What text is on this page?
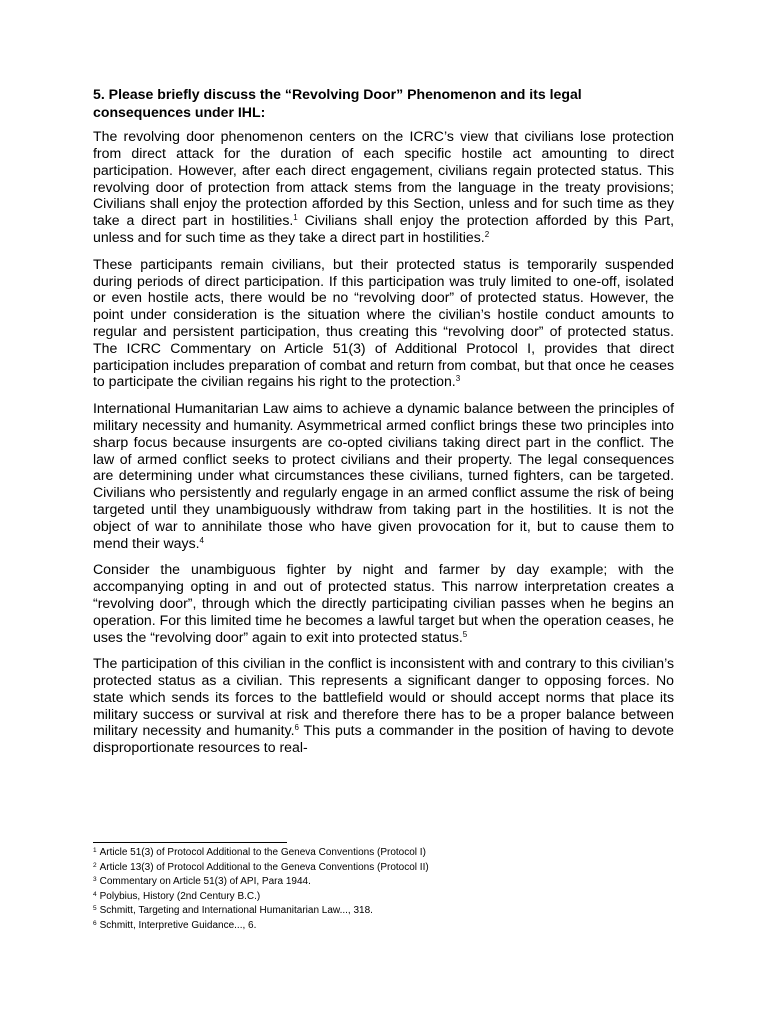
5. Please briefly discuss the “Revolving Door” Phenomenon and its legal consequences under IHL:

The revolving door phenomenon centers on the ICRC’s view that civilians lose protection from direct attack for the duration of each specific hostile act amounting to direct participation. However, after each direct engagement, civilians regain protected status. This revolving door of protection from attack stems from the language in the treaty provisions; Civilians shall enjoy the protection afforded by this Section, unless and for such time as they take a direct part in hostilities.$^1$ Civilians shall enjoy the protection afforded by this Part, unless and for such time as they take a direct part in hostilities.$^2$

These participants remain civilians, but their protected status is temporarily suspended during periods of direct participation. If this participation was truly limited to one-off, isolated or even hostile acts, there would be no “revolving door” of protected status. However, the point under consideration is the situation where the civilian’s hostile conduct amounts to regular and persistent participation, thus creating this “revolving door” of protected status. The ICRC Commentary on Article 51(3) of Additional Protocol I, provides that direct participation includes preparation of combat and return from combat, but that once he ceases to participate the civilian regains his right to the protection.$^3$

International Humanitarian Law aims to achieve a dynamic balance between the principles of military necessity and humanity. Asymmetrical armed conflict brings these two principles into sharp focus because insurgents are co-opted civilians taking direct part in the conflict. The law of armed conflict seeks to protect civilians and their property. The legal consequences are determining under what circumstances these civilians, turned fighters, can be targeted. Civilians who persistently and regularly engage in an armed conflict assume the risk of being targeted until they unambiguously withdraw from taking part in the hostilities. It is not the object of war to annihilate those who have given provocation for it, but to cause them to mend their ways.$^4$

Consider the unambiguous fighter by night and farmer by day example; with the accompanying opting in and out of protected status. This narrow interpretation creates a “revolving door”, through which the directly participating civilian passes when he begins an operation. For this limited time he becomes a lawful target but when the operation ceases, he uses the “revolving door” again to exit into protected status.$^5$

The participation of this civilian in the conflict is inconsistent with and contrary to this civilian’s protected status as a civilian. This represents a significant danger to opposing forces. No state which sends its forces to the battlefield would or should accept norms that place its military success or survival at risk and therefore there has to be a proper balance between military necessity and humanity.$^6$ This puts a commander in the position of having to devote disproportionate resources to real-

$^1$ Article 51(3) of Protocol Additional to the Geneva Conventions (Protocol I)
$^2$ Article 13(3) of Protocol Additional to the Geneva Conventions (Protocol II)
$^3$ Commentary on Article 51(3) of API, Para 1944.
$^4$ Polybius, History (2nd Century B.C.)
$^5$ Schmitt, Targeting and International Humanitarian Law..., 318.
$^6$ Schmitt, Interpretive Guidance..., 6.
